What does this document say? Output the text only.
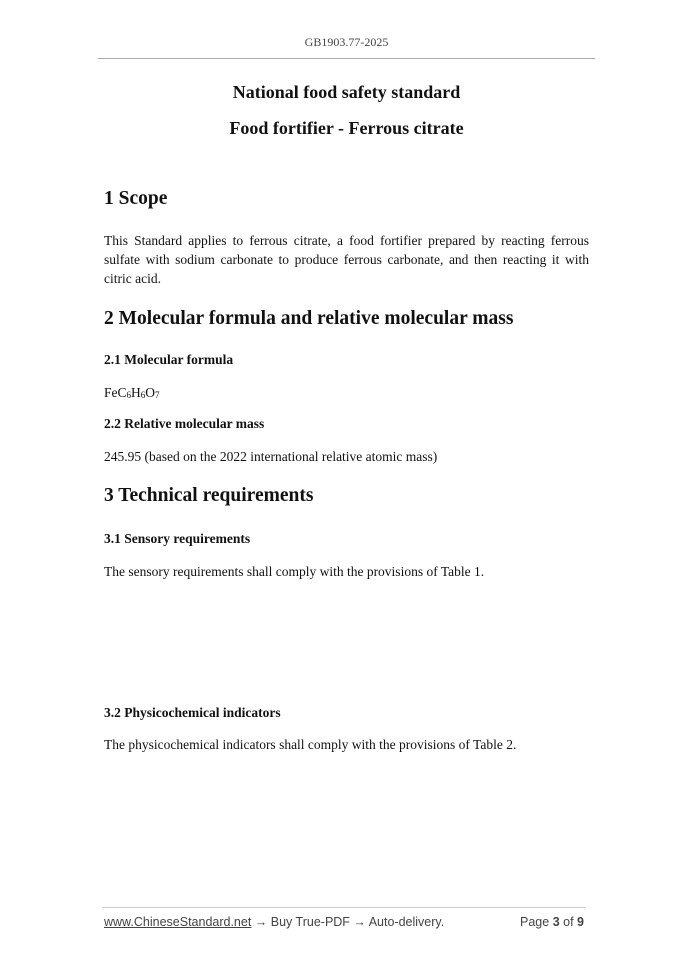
GB1903.77-2025
National food safety standard
Food fortifier - Ferrous citrate
1 Scope
This Standard applies to ferrous citrate, a food fortifier prepared by reacting ferrous sulfate with sodium carbonate to produce ferrous carbonate, and then reacting it with citric acid.
2 Molecular formula and relative molecular mass
2.1 Molecular formula
$FeC_6H_6O_7$
2.2 Relative molecular mass
245.95 (based on the 2022 international relative atomic mass)
3 Technical requirements
3.1 Sensory requirements
The sensory requirements shall comply with the provisions of Table 1.
3.2 Physicochemical indicators
The physicochemical indicators shall comply with the provisions of Table 2.
www.ChineseStandard.net → Buy True-PDF → Auto-delivery.	Page 3 of 9
